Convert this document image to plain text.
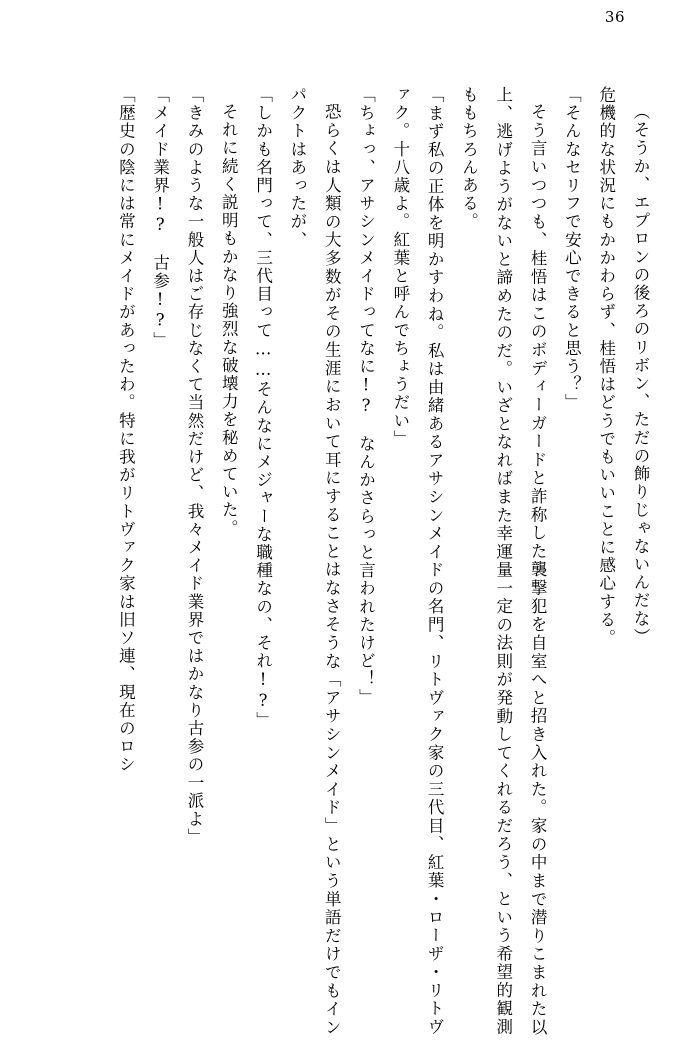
36

（そうか、エプロンの後ろのリボン、ただの飾りじゃないんだな）

危機的な状況にもかかわらず、桂悟はどうでもいいことに感心する。

「そんなセリフで安心できると思う？」

そう言いつつも、桂悟はこのボディーガードと詐称した襲撃犯を自室へと招き入れた。家の中まで潜りこまれた以上、逃げようがないと諦めたのだ。いざとなればまた幸運量一定の法則が発動してくれるだろう、という希望的観測ももちろんある。

「まず私の正体を明かすわね。私は由緒あるアサシンメイドの名門、リトヴァク家の三代目、紅葉・ローザ・リトヴァク。十八歳よ。紅葉と呼んでちょうだい」

「ちょっ、アサシンメイドってなに!?　なんかさらっと言われたけど！」

恐らくは人類の大多数がその生涯において耳にすることはなさそうな「アサシンメイド」という単語だけでもインパクトはあったが、

「しかも名門って、三代目って……そんなにメジャーな職種なの、それ!?」

それに続く説明もかなり強烈な破壊力を秘めていた。

「きみのような一般人はご存じなくて当然だけど、我々メイド業界ではかなり古参の一派よ」

「メイド業界!?　古参!?」

「歴史の陰には常にメイドがあったわ。特に我がリトヴァク家は旧ソ連、現在のロシ
